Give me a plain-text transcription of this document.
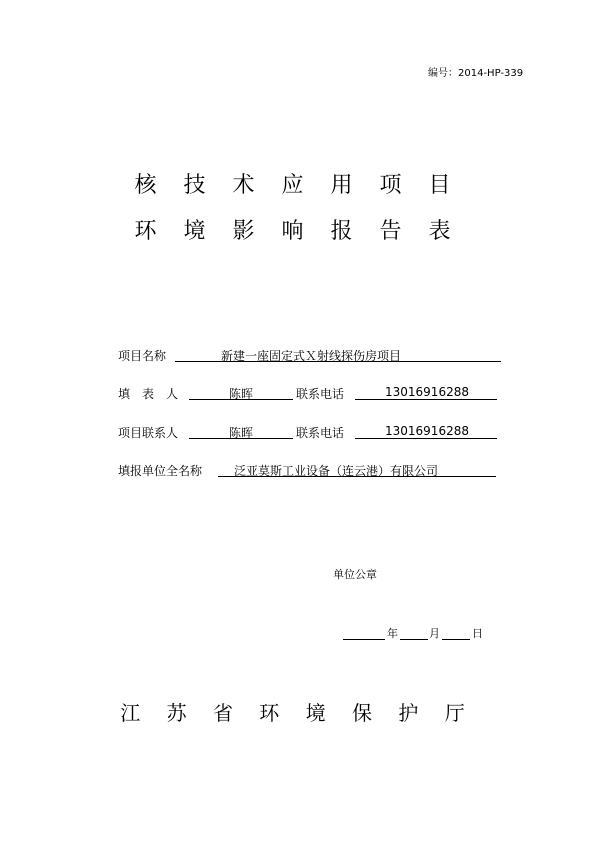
编号：2014-HP-339
核 技 术 应 用 项 目
环 境 影 响 报 告 表
项目名称	新建一座固定式Ｘ射线探伤房项目
填　表　人	陈晖	联系电话	13016916288
项目联系人	陈晖	联系电话	13016916288
填报单位全名称	泛亚莫斯工业设备（连云港）有限公司
单位公章
年	月	日
江 苏 省 环 境 保 护 厅
